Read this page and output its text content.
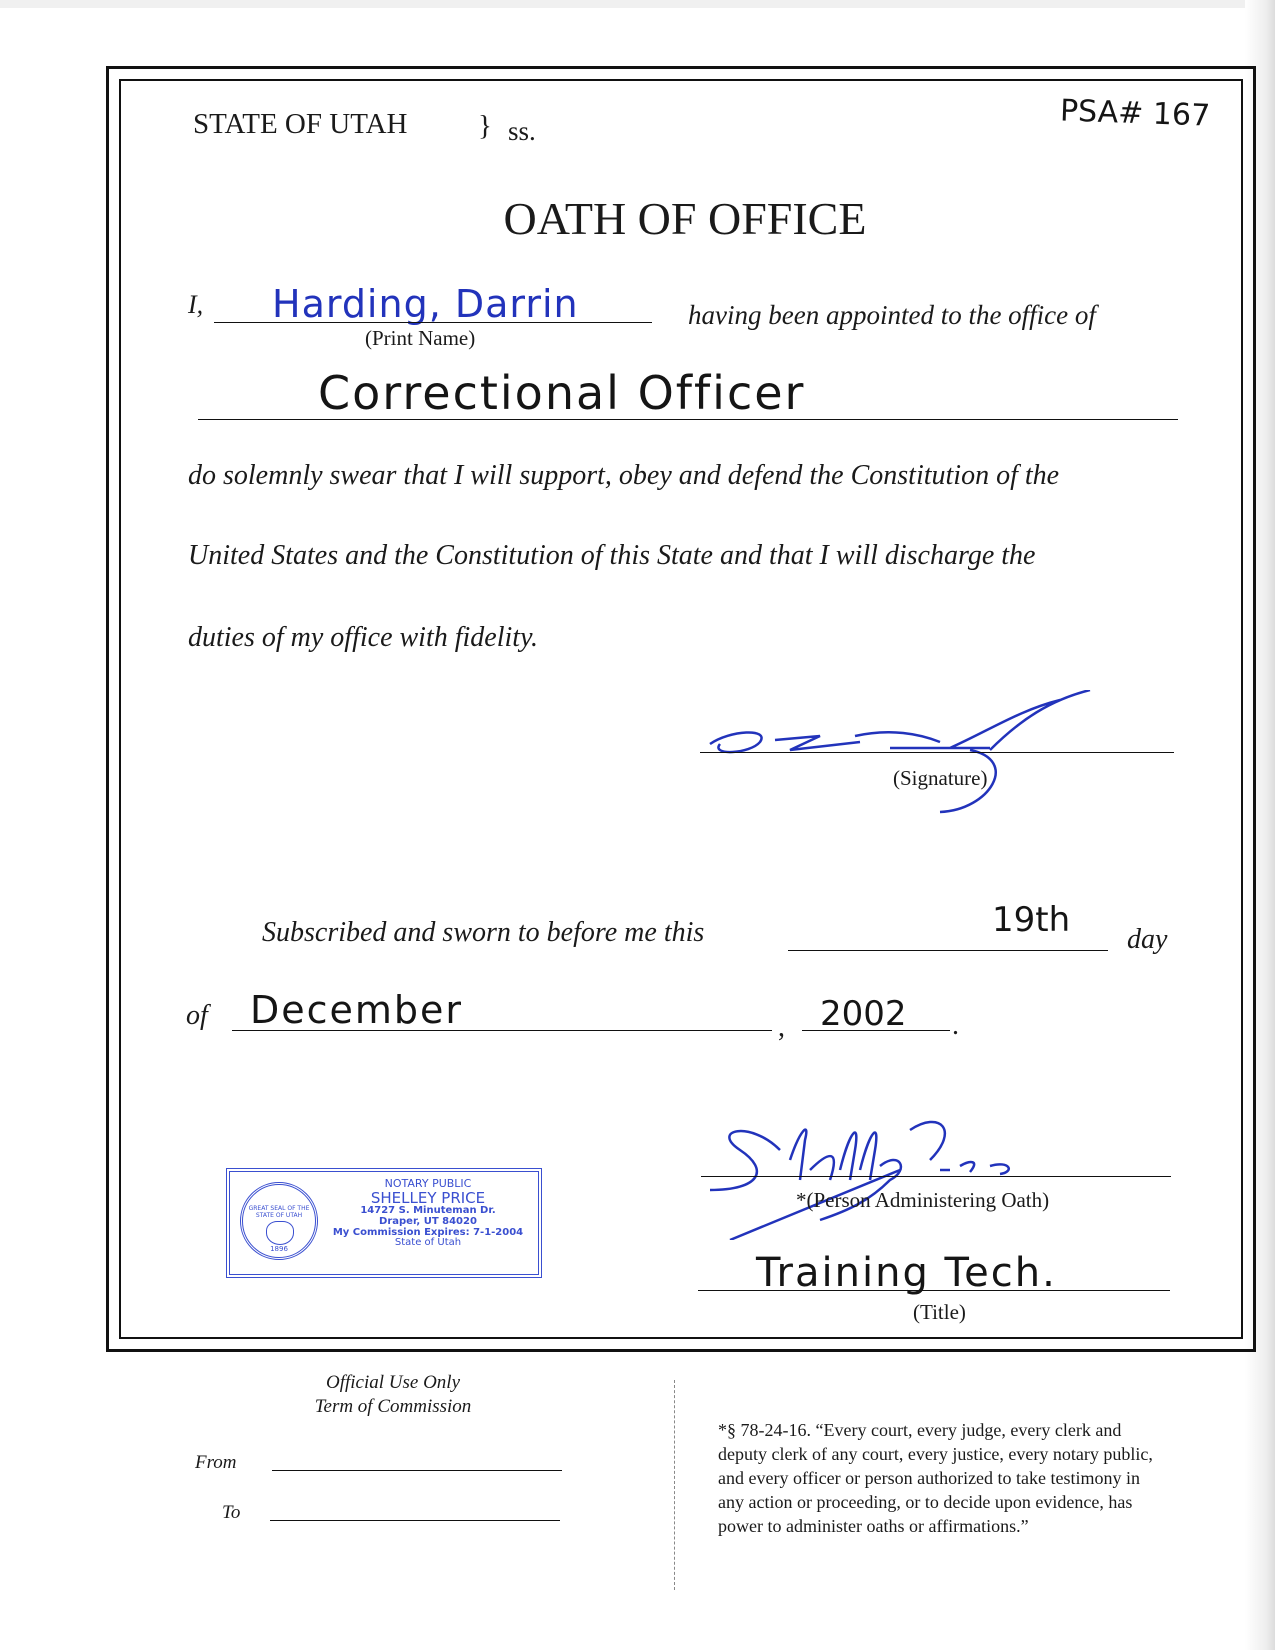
STATE OF UTAH } ss.	PSA# 167
OATH OF OFFICE
I, Harding, Darrin
(Print Name)
having been appointed to the office of
Correctional Officer
do solemnly swear that I will support, obey and defend the Constitution of the
United States and the Constitution of this State and that I will discharge the
duties of my office with fidelity.
(Signature)
Subscribed and sworn to before me this	19th day
of December	, 2002 .
GREAT SEAL OF THE STATE OF UTAH
1896
NOTARY PUBLIC
SHELLEY PRICE
14727 S. Minuteman Dr.
Draper, UT 84020
My Commission Expires: 7-1-2004
State of Utah
*(Person Administering Oath)
Training Tech.
(Title)
Official Use Only
Term of Commission
From
To
*§ 78-24-16. “Every court, every judge, every clerk and
deputy clerk of any court, every justice, every notary public,
and every officer or person authorized to take testimony in
any action or proceeding, or to decide upon evidence, has
power to administer oaths or affirmations.”
